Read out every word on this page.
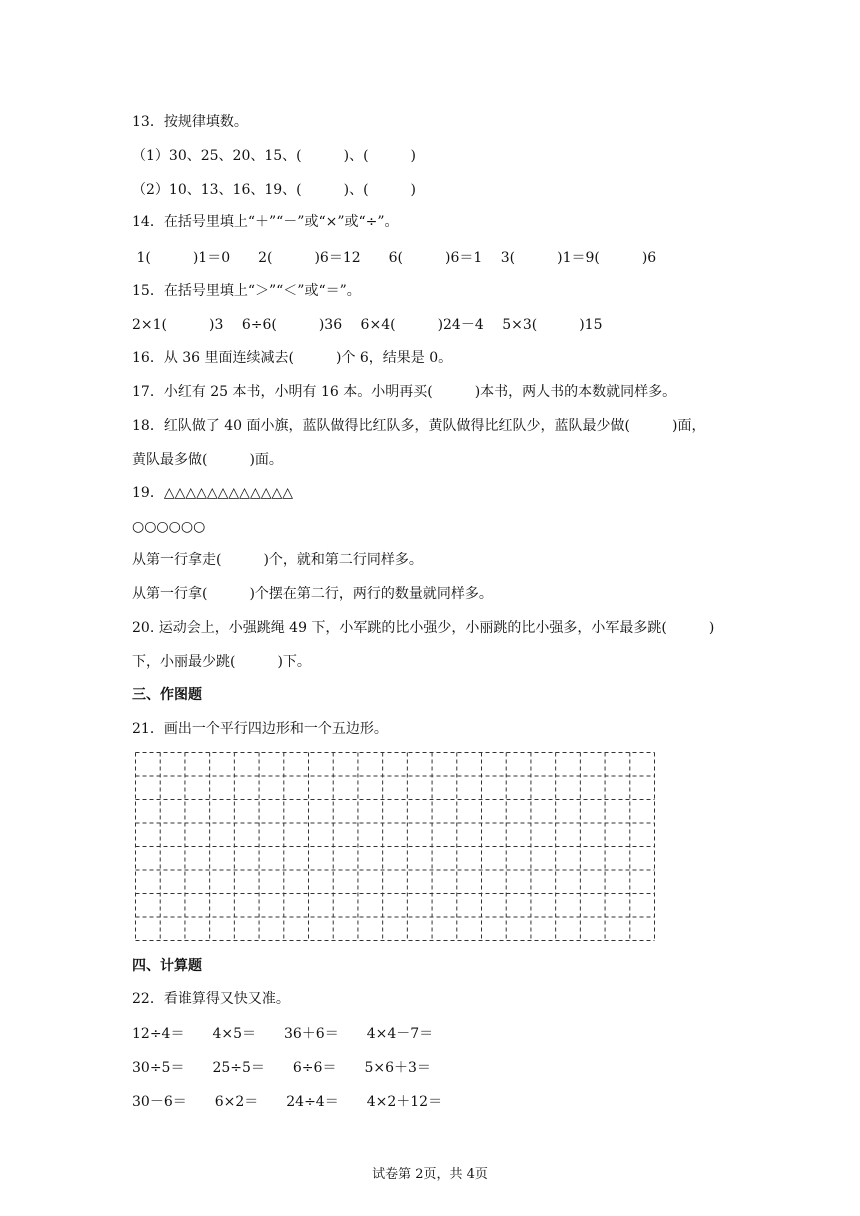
13．按规律填数。
（1）30、25、20、15、(　　　)、(　　　)
（2）10、13、16、19、(　　　)、(　　　)
14．在括号里填上“＋”“－”或“×”或“÷”。
1(　　　)1＝0　　2(　　　)6＝12　　6(　　　)6＝1　 3(　　　)1＝9(　　　)6
15．在括号里填上“＞”“＜”或“＝”。
2×1(　　　)3　 6÷6(　　　)36　 6×4(　　　)24－4　 5×3(　　　)15
16．从 36 里面连续减去(　　　)个 6，结果是 0。
17．小红有 25 本书，小明有 16 本。小明再买(　　　)本书，两人书的本数就同样多。
18．红队做了 40 面小旗，蓝队做得比红队多，黄队做得比红队少，蓝队最少做(　　　)面，
黄队最多做(　　　)面。
19．△△△△△△△△△△△△
○○○○○○
从第一行拿走(　　　)个，就和第二行同样多。
从第一行拿(　　　)个摆在第二行，两行的数量就同样多。
20. 运动会上，小强跳绳 49 下，小军跳的比小强少，小丽跳的比小强多，小军最多跳(　　　)
下，小丽最少跳(　　　)下。
三、作图题
21．画出一个平行四边形和一个五边形。
四、计算题
22．看谁算得又快又准。
12÷4＝　　4×5＝　　36＋6＝　　4×4－7＝
30÷5＝　　25÷5＝　　6÷6＝　　5×6＋3＝
30－6＝　　6×2＝　　24÷4＝　　4×2＋12＝
试卷第 2页，共 4页
